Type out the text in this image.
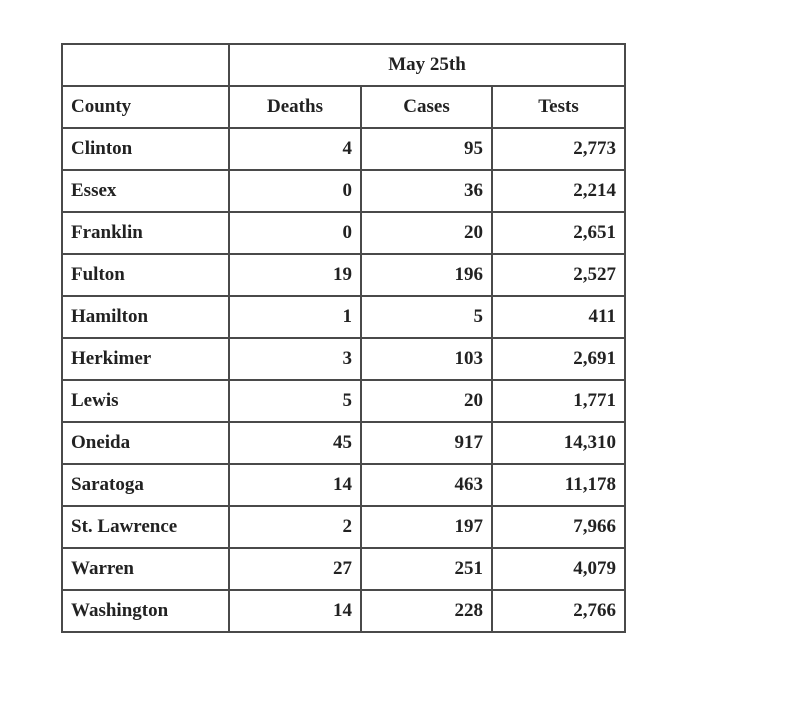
	May 25th		
County	Deaths	Cases	Tests
Clinton	4	95	2,773
Essex	0	36	2,214
Franklin	0	20	2,651
Fulton	19	196	2,527
Hamilton	1	5	411
Herkimer	3	103	2,691
Lewis	5	20	1,771
Oneida	45	917	14,310
Saratoga	14	463	11,178
St. Lawrence	2	197	7,966
Warren	27	251	4,079
Washington	14	228	2,766
